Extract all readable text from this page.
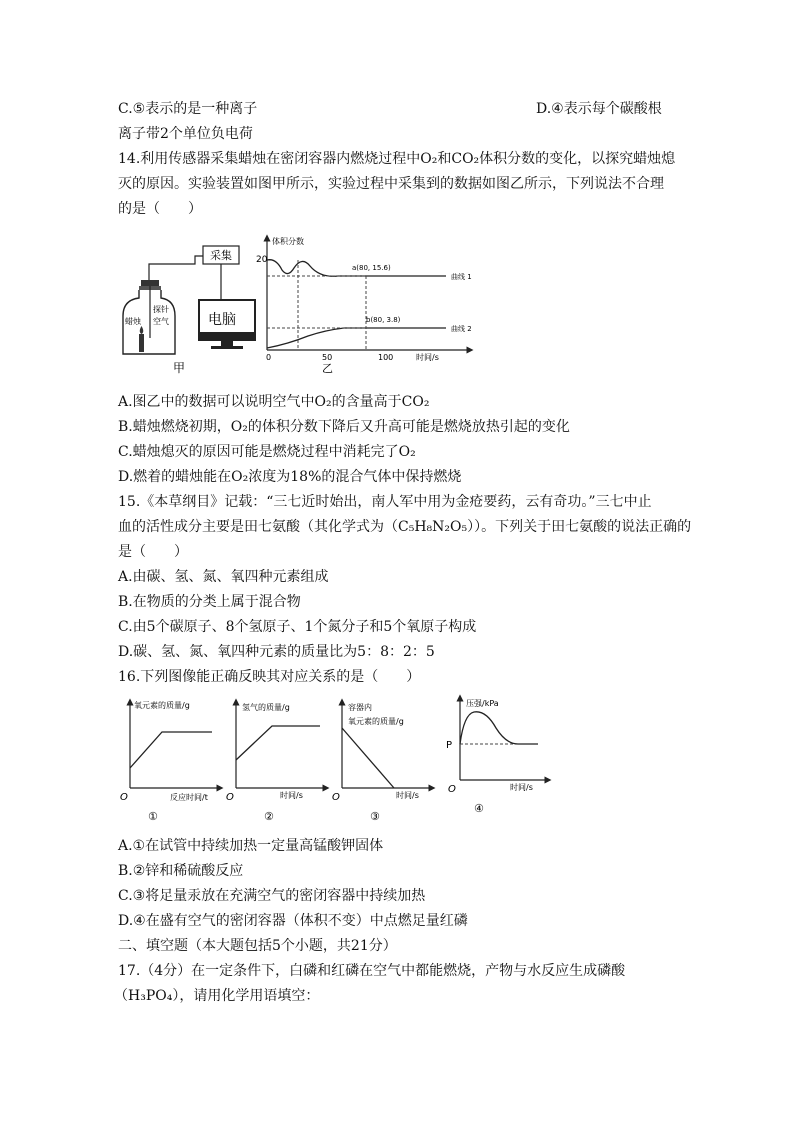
C.⑤表示的是一种离子	D.④表示每个碳酸根
离子带2个单位负电荷
14.利用传感器采集蜡烛在密闭容器内燃烧过程中O₂和CO₂体积分数的变化，以探究蜡烛熄
灭的原因。实验装置如图甲所示，实验过程中采集到的数据如图乙所示，下列说法不合理
的是（　　）
探针
空气
蜡烛
采集
电脑
甲
体积分数
20
0	50	100	时间/s
乙
a(80, 15.6)
b(80, 3.8)
曲线 1
曲线 2
A.图乙中的数据可以说明空气中O₂的含量高于CO₂
B.蜡烛燃烧初期，O₂的体积分数下降后又升高可能是燃烧放热引起的变化
C.蜡烛熄灭的原因可能是燃烧过程中消耗完了O₂
D.燃着的蜡烛能在O₂浓度为18%的混合气体中保持燃烧
15.《本草纲目》记载：“三七近时始出，南人军中用为金疮要药，云有奇功。”三七中止
血的活性成分主要是田七氨酸（其化学式为（C₅H₈N₂O₅））。下列关于田七氨酸的说法正确的
是（　　）
A.由碳、氢、氮、氧四种元素组成
B.在物质的分类上属于混合物
C.由5个碳原子、8个氢原子、1个氮分子和5个氧原子构成
D.碳、氢、氮、氧四种元素的质量比为5：8：2：5
16.下列图像能正确反映其对应关系的是（　　）
氧元素的质量/g
反应时间/t
O
①
氢气的质量/g
时间/s
O
②
容器内
氧元素的质量/g
时间/s
O
③
压强/kPa
时间/s
O
P
④
A.①在试管中持续加热一定量高锰酸钾固体
B.②锌和稀硫酸反应
C.③将足量汞放在充满空气的密闭容器中持续加热
D.④在盛有空气的密闭容器（体积不变）中点燃足量红磷
二、填空题（本大题包括5个小题，共21分）
17.（4分）在一定条件下，白磷和红磷在空气中都能燃烧，产物与水反应生成磷酸
（H₃PO₄），请用化学用语填空：
